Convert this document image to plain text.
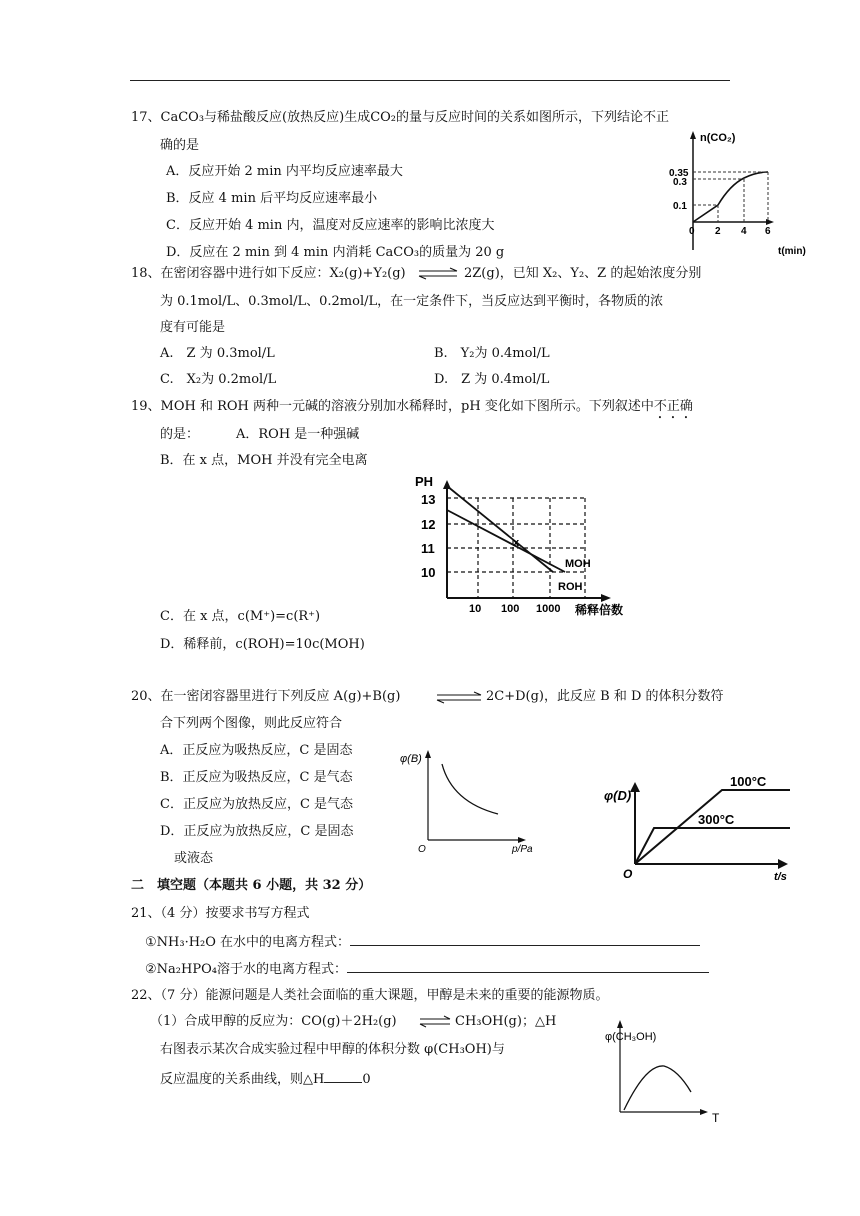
17、CaCO₃与稀盐酸反应(放热反应)生成CO₂的量与反应时间的关系如图所示，下列结论不正
确的是
A．反应开始 2 min 内平均反应速率最大
B．反应 4 min 后平均反应速率最小
C．反应开始 4 min 内，温度对反应速率的影响比浓度大
D．反应在 2 min 到 4 min 内消耗 CaCO₃的质量为 20 g
n(CO₂)
0.35
0.3
0.1
0 2 4 6
t(min)
18、在密闭容器中进行如下反应：X₂(g)+Y₂(g)	2Z(g)，已知 X₂、Y₂、Z 的起始浓度分别
为 0.1mol/L、0.3mol/L、0.2mol/L，在一定条件下，当反应达到平衡时，各物质的浓
度有可能是
A.　Z 为 0.3mol/L	B.　Y₂为 0.4mol/L
C.　X₂为 0.2mol/L	D.　Z 为 0.4mol/L
19、MOH 和 ROH 两种一元碱的溶液分别加水稀释时，pH 变化如下图所示。下列叙述中不正确
的是：	A．ROH 是一种强碱
B．在 x 点，MOH 并没有完全电离
PH
13
12
11
10
10 100 1000 稀释倍数
x
MOH
ROH
C．在 x 点，c(M⁺)=c(R⁺)
D．稀释前，c(ROH)=10c(MOH)
20、在一密闭容器里进行下列反应 A(g)+B(g)	2C+D(g)，此反应 B 和 D 的体积分数符
合下列两个图像，则此反应符合
A．正反应为吸热反应，C 是固态
B．正反应为吸热反应，C 是气态
C．正反应为放热反应，C 是气态
D．正反应为放热反应，C 是固态
或液态
φ(B)
O	p/Pa
φ(D)
O	t/s
100°C
300°C
二　填空题（本题共 6 小题，共 32 分）
21、（4 分）按要求书写方程式
①NH₃·H₂O 在水中的电离方程式：
②Na₂HPO₄溶于水的电离方程式：
22、（7 分）能源问题是人类社会面临的重大课题，甲醇是未来的重要的能源物质。
（1）合成甲醇的反应为：CO(g)＋2H₂(g)	CH₃OH(g)；△H
右图表示某次合成实验过程中甲醇的体积分数 φ(CH₃OH)与
反应温度的关系曲线，则△H	0
φ(CH₃OH)
T
